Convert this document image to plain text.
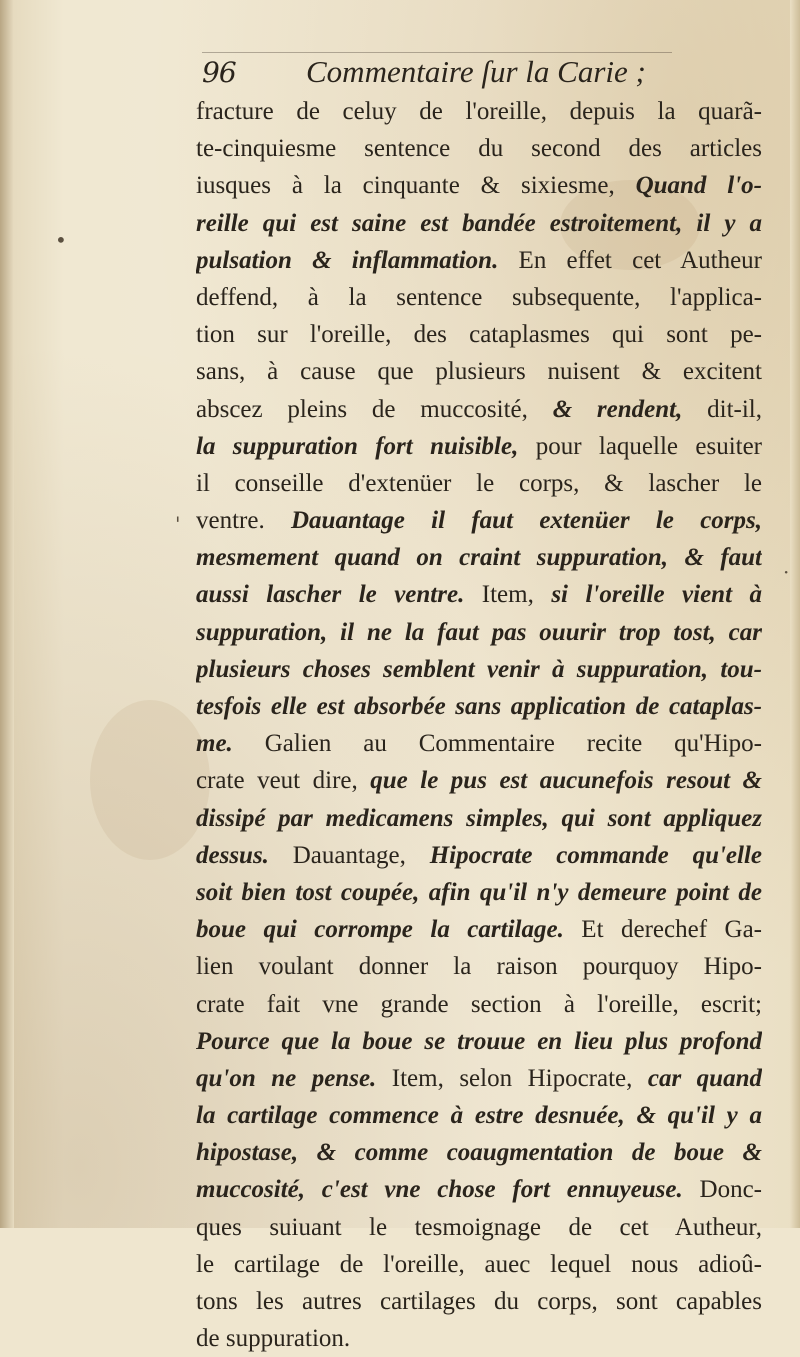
96 Commentaire ſur la Carie ;
•
'
·
fracture de celuy de l'oreille, depuis la quarã-
te-cinquiesme sentence du second des articles
iusques à la cinquante & sixiesme, Quand l'o-
reille qui est saine est bandée estroitement, il y a
pulsation & inflammation. En effet cet Autheur
deffend, à la sentence subsequente, l'applica-
tion sur l'oreille, des cataplasmes qui sont pe-
sans, à cause que plusieurs nuisent & excitent
abscez pleins de muccosité, & rendent, dit-il,
la suppuration fort nuisible, pour laquelle esuiter
il conseille d'extenüer le corps, & lascher le
ventre. Dauantage il faut extenüer le corps,
mesmement quand on craint suppuration, & faut
aussi lascher le ventre. Item, si l'oreille vient à
suppuration, il ne la faut pas ouurir trop tost, car
plusieurs choses semblent venir à suppuration, tou-
tesfois elle est absorbée sans application de cataplas-
me. Galien au Commentaire recite qu'Hipo-
crate veut dire, que le pus est aucunefois resout &
dissipé par medicamens simples, qui sont appliquez
dessus. Dauantage, Hipocrate commande qu'elle
soit bien tost coupée, afin qu'il n'y demeure point de
boue qui corrompe la cartilage. Et derechef Ga-
lien voulant donner la raison pourquoy Hipo-
crate fait vne grande section à l'oreille, escrit;
Pource que la boue se trouue en lieu plus profond
qu'on ne pense. Item, selon Hipocrate, car quand
la cartilage commence à estre desnuée, & qu'il y a
hipostase, & comme coaugmentation de boue &
muccosité, c'est vne chose fort ennuyeuse. Donc-
ques suiuant le tesmoignage de cet Autheur,
le cartilage de l'oreille, auec lequel nous adioû-
tons les autres cartilages du corps, sont capables
de suppuration.
